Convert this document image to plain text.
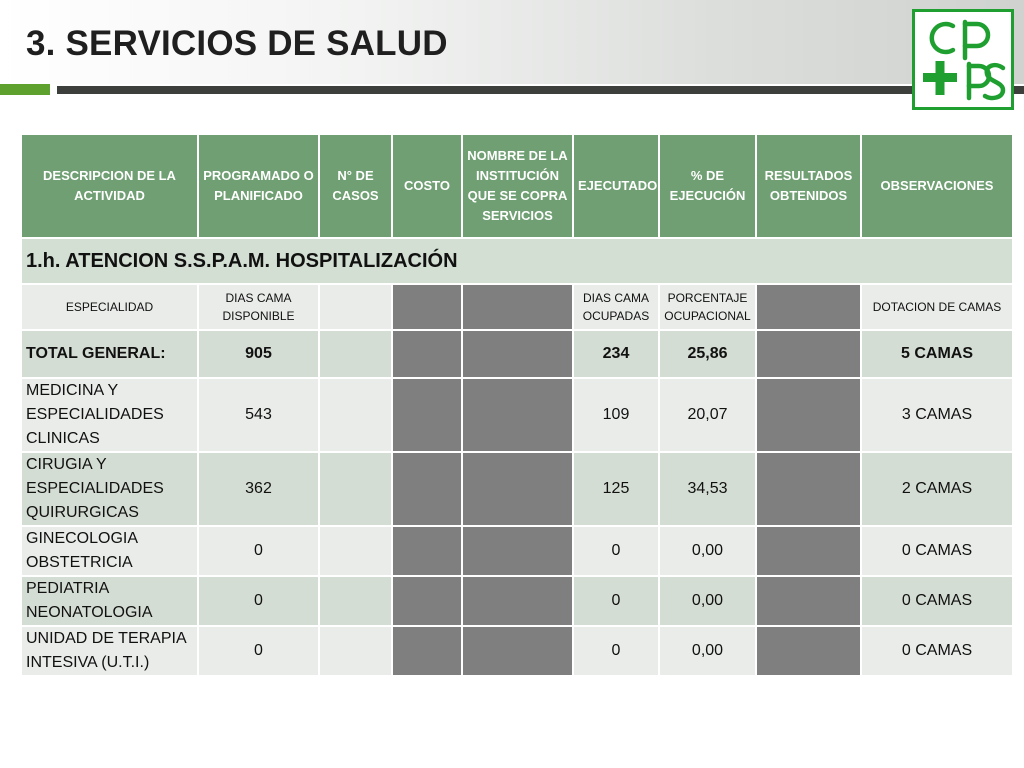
3. SERVICIOS DE SALUD
DESCRIPCION DE LA ACTIVIDAD	PROGRAMADO O PLANIFICADO	N° DE CASOS	COSTO	NOMBRE DE LA INSTITUCIÓN QUE SE COPRA SERVICIOS	EJECUTADO	% DE EJECUCIÓN	RESULTADOS OBTENIDOS	OBSERVACIONES
1.h. ATENCION S.S.P.A.M. HOSPITALIZACIÓN								
ESPECIALIDAD	DIAS CAMA DISPONIBLE				DIAS CAMA OCUPADAS	PORCENTAJE OCUPACIONAL		DOTACION DE CAMAS
TOTAL GENERAL:	905				234	25,86		5 CAMAS
MEDICINA Y ESPECIALIDADES CLINICAS	543				109	20,07		3 CAMAS
CIRUGIA Y ESPECIALIDADES QUIRURGICAS	362				125	34,53		2 CAMAS
GINECOLOGIA OBSTETRICIA	0				0	0,00		0 CAMAS
PEDIATRIA NEONATOLOGIA	0				0	0,00		0 CAMAS
UNIDAD DE TERAPIA INTESIVA (U.T.I.)	0				0	0,00		0 CAMAS
